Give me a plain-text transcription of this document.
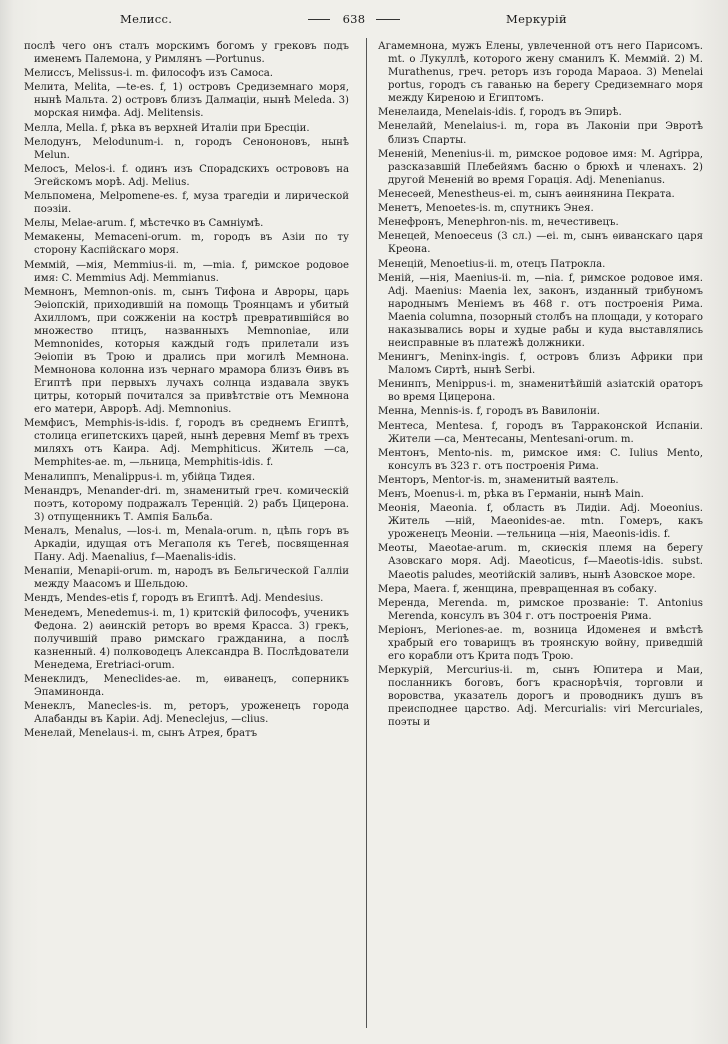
Мелисс.	638	Меркурій
послѣ чего онъ сталъ морскимъ богомъ у грековъ подъ именемъ Палемона, у Римлянъ —Portunus.
Мелиссъ, Melissus-i. m. философъ изъ Самоса.
Мелита, Melita, —te-es. f, 1) островъ Средиземнаго моря, нынѣ Мальта. 2) островъ близъ Далмаціи, нынѣ Meleda. 3) морская нимфа. Adj. Melitensis.
Мелла, Mella. f, рѣка въ верхней Италіи при Бресціи.
Мелодунъ, Melodunum-i. n, городъ Сенононовъ, нынѣ Melun.
Мелосъ, Melos-i. f. одинъ изъ Спорадскихъ острововъ на Эгейскомъ морѣ. Adj. Melius.
Мельпомена, Melpomene-es. f, муза трагедіи и лирической поэзіи.
Мелы, Melae-arum. f, мѣстечко въ Самніумѣ.
Мемакены, Memaceni-orum. m, городъ въ Азіи по ту сторону Каспійскаго моря.
Меммій, —мія, Memmius-ii. m, —mia. f, римское родовое имя: C. Memmius Adj. Memmianus.
Мемнонъ, Memnon-onis. m, сынъ Тифона и Авроры, царь Эѳіопскій, приходившій на помощь Троянцамъ и убитый Ахилломъ, при сожженіи на кострѣ превратившійся во множество птицъ, названныхъ Memnoniae, или Memnonides, которыя каждый годъ прилетали изъ Эѳіопіи въ Трою и дрались при могилѣ Мемнона. Мемнонова колонна изъ чернаго мрамора близъ Ѳивъ въ Египтѣ при первыхъ лучахъ солнца издавала звукъ цитры, который почитался за привѣтствіе отъ Мемнона его матери, Аврорѣ. Adj. Memnonius.
Мемфисъ, Memphis-is-idis. f, городъ въ среднемъ Египтѣ, столица египетскихъ царей, нынѣ деревня Memf въ трехъ миляхъ отъ Каира. Adj. Memphiticus. Житель —са, Memphites-ae. m, —льница, Memphitis-idis. f.
Меналиппъ, Menalippus-i. m, убійца Тидея.
Менандръ, Menander-dri. m, знаменитый греч. комическій поэтъ, которому подражалъ Теренцій. 2) рабъ Цицерона. 3) отпущенникъ Т. Ампія Бальба.
Меналъ, Menalus, —los-i. m, Menala-orum. n, цѣпь горъ въ Аркадіи, идущая отъ Мегаполя къ Тегеѣ, посвященная Пану. Adj. Maenalius, f—Maenalis-idis.
Менапіи, Menapii-orum. m, народъ въ Бельгической Галліи между Маасомъ и Шельдою.
Мендъ, Mendes-etis f, городъ въ Египтѣ. Adj. Mendesius.
Менедемъ, Menedemus-i. m, 1) критскій философъ, ученикъ Федона. 2) аѳинскій реторъ во время Красса. 3) грекъ, получившій право римскаго гражданина, а послѣ казненный. 4) полководецъ Александра В. Послѣдователи Менедема, Eretriaci-orum.
Менеклидъ, Meneclides-ae. m, ѳиванецъ, соперникъ Эпаминонда.
Менеклъ, Manecles-is. m, реторъ, уроженецъ города Алабанды въ Каріи. Adj. Meneclejus, —clius.
Менелай, Menelaus-i. m, сынъ Атрея, братъ
Агамемнона, мужъ Елены, увлеченной отъ него Парисомъ. mt. o Лукуллѣ, которого жену сманилъ К. Меммій. 2) М. Murathenus, греч. реторъ изъ города Мараоа. 3) Menelai portus, городъ съ гаванью на берегу Средиземнаго моря между Киреною и Египтомъ.
Менелаида, Menelais-idis. f, городъ въ Эпирѣ.
Менелайй, Menelaius-i. m, гора въ Лаконіи при Эвротѣ близъ Спарты.
Мененій, Menenius-ii. m, римское родовое имя: М. Agrippa, разсказавшій Плебейямъ басню о брюхѣ и членахъ. 2) другой Мененій во время Горація. Adj. Menenianus.
Менесѳей, Menestheus-ei. m, сынъ аѳинянина Пекрата.
Менетъ, Menoetes-is. m, спутникъ Энея.
Менефронъ, Menephron-nis. m, нечестивецъ.
Менецей, Menoeceus (3 сл.) —ei. m, сынъ ѳиванскаго царя Креона.
Менецій, Menoetius-ii. m, отецъ Патрокла.
Меній, —нія, Maenius-ii. m, —nia. f, римское родовое имя. Adj. Maenius: Maenia lex, законъ, изданный трибуномъ народнымъ Меніемъ въ 468 г. отъ построенія Рима. Maenia columna, позорный столбъ на площади, у котораго наказывались воры и худые рабы и куда выставлялись неисправные въ платежѣ должники.
Менингъ, Meninx-ingis. f, островъ близъ Африки при Маломъ Сиртѣ, нынѣ Serbi.
Менинпъ, Menippus-i. m, знаменитѣйшій азіатскій ораторъ во время Цицерона.
Менна, Mennis-is. f, городъ въ Вавилоніи.
Ментеса, Mentesa. f, городъ въ Тарраконской Испаніи. Жители —са, Ментесаны, Mentesani-orum. m.
Ментонъ, Mento-nis. m, римское имя: C. Iulius Mento, консулъ въ 323 г. отъ построенія Рима.
Менторъ, Mentor-is. m, знаменитый ваятель.
Менъ, Moenus-i. m, рѣка въ Германіи, нынѣ Main.
Меонія, Maeonia. f, область въ Лидіи. Adj. Moeonius. Житель —ній, Maeonides-ae. mtn. Гомеръ, какъ уроженецъ Меоніи. —тельница —нія, Maeonis-idis. f.
Меоты, Maeotae-arum. m, скиѳскія племя на берегу Азовскаго моря. Adj. Maeoticus, f—Maeotis-idis. subst. Maeotis paludes, меотійскій заливъ, нынѣ Азовское море.
Мера, Maera. f, женщина, превращенная въ собаку.
Меренда, Merenda. m, римское прозваніе: Т. Antonius Merenda, консулъ въ 304 г. отъ построенія Рима.
Меріонъ, Meriones-ae. m, возница Идоменея и вмѣстѣ храбрый его товарищъ въ троянскую войну, приведшій его корабли отъ Крита подъ Трою.
Меркурій, Mercurius-ii. m, сынъ Юпитера и Маи, посланникъ боговъ, богъ краснорѣчія, торговли и воровства, указатель дорогъ и проводникъ душъ въ преисподнее царство. Adj. Mercurialis: viri Mercuriales, поэты и
